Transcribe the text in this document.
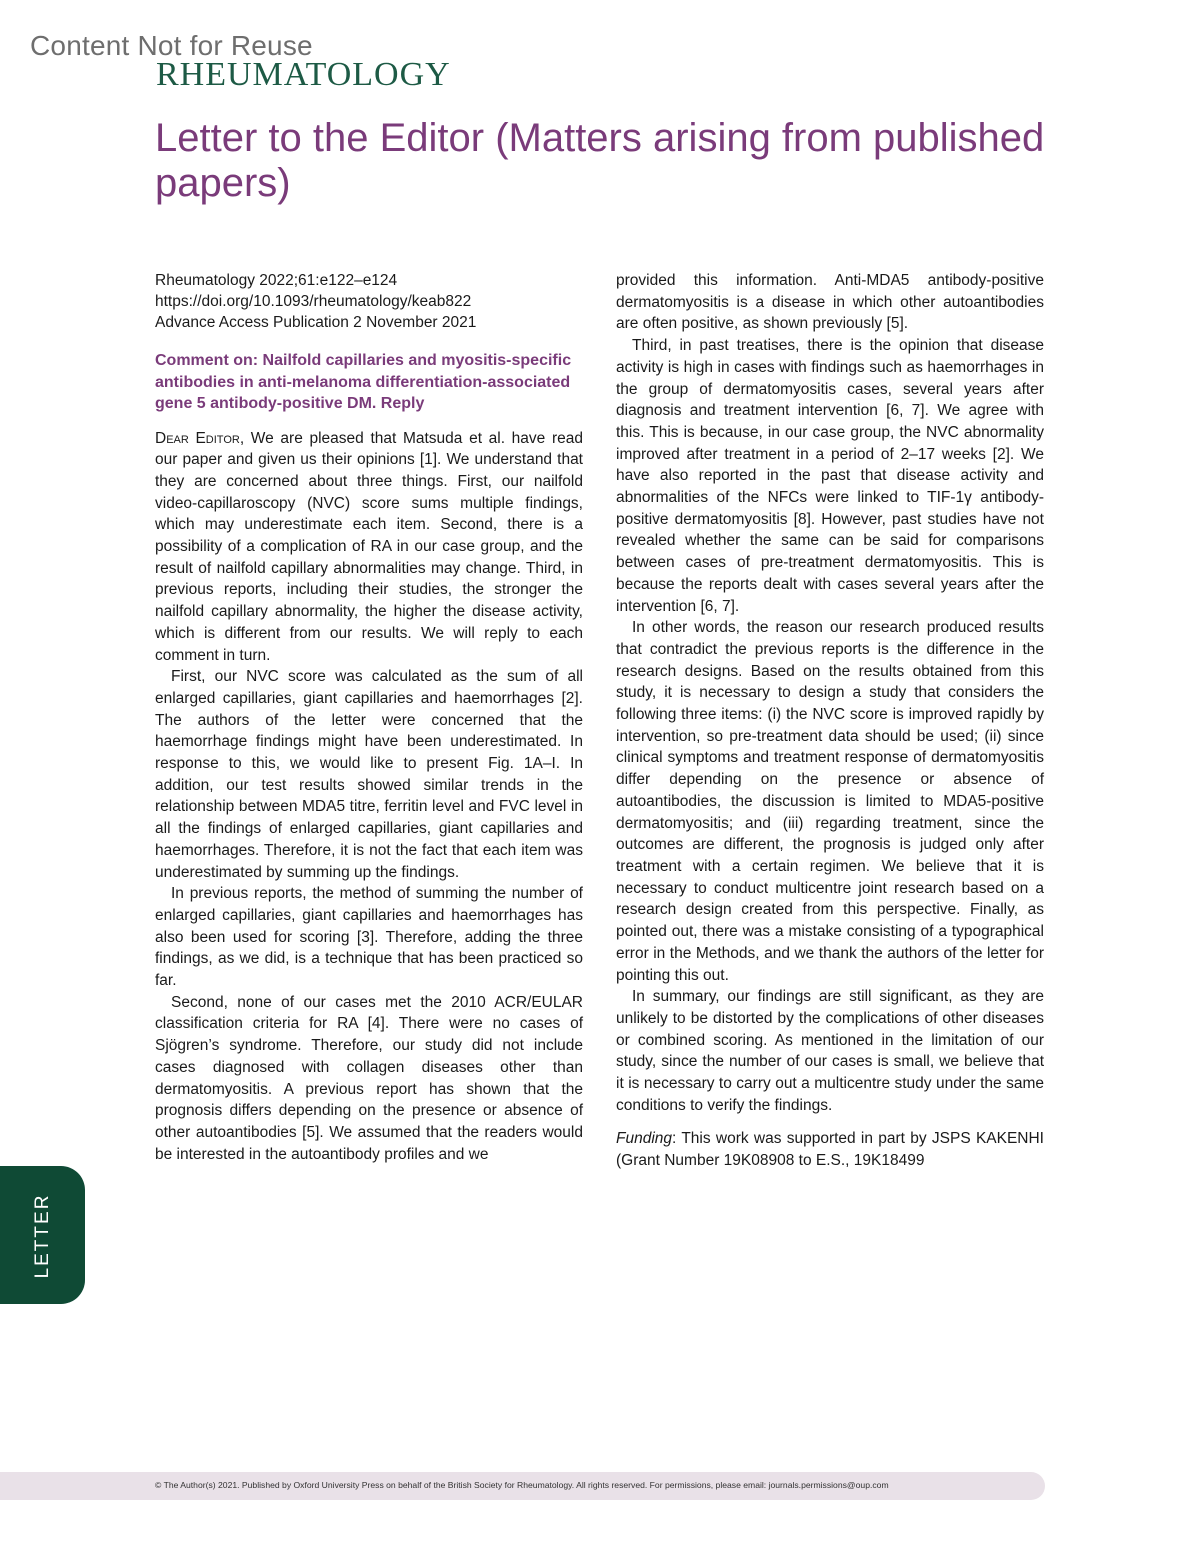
Content Not for Reuse
RHEUMATOLOGY
Letter to the Editor (Matters arising from published papers)
Rheumatology 2022;61:e122–e124
https://doi.org/10.1093/rheumatology/keab822
Advance Access Publication 2 November 2021
Comment on: Nailfold capillaries and myositis-specific antibodies in anti-melanoma differentiation-associated gene 5 antibody-positive DM. Reply

Dear Editor, We are pleased that Matsuda et al. have read our paper and given us their opinions [1]. We understand that they are concerned about three things. First, our nailfold video-capillaroscopy (NVC) score sums multiple findings, which may underestimate each item. Second, there is a possibility of a complication of RA in our case group, and the result of nailfold capillary abnormalities may change. Third, in previous reports, including their studies, the stronger the nailfold capillary abnormality, the higher the disease activity, which is different from our results. We will reply to each comment in turn.

First, our NVC score was calculated as the sum of all enlarged capillaries, giant capillaries and haemorrhages [2]. The authors of the letter were concerned that the haemorrhage findings might have been underestimated. In response to this, we would like to present Fig. 1A–I. In addition, our test results showed similar trends in the relationship between MDA5 titre, ferritin level and FVC level in all the findings of enlarged capillaries, giant capillaries and haemorrhages. Therefore, it is not the fact that each item was underestimated by summing up the findings.

In previous reports, the method of summing the number of enlarged capillaries, giant capillaries and haemorrhages has also been used for scoring [3]. Therefore, adding the three findings, as we did, is a technique that has been practiced so far.

Second, none of our cases met the 2010 ACR/EULAR classification criteria for RA [4]. There were no cases of Sjögren’s syndrome. Therefore, our study did not include cases diagnosed with collagen diseases other than dermatomyositis. A previous report has shown that the prognosis differs depending on the presence or absence of other autoantibodies [5]. We assumed that the readers would be interested in the autoantibody profiles and we

provided this information. Anti-MDA5 antibody-positive dermatomyositis is a disease in which other autoantibodies are often positive, as shown previously [5].

Third, in past treatises, there is the opinion that disease activity is high in cases with findings such as haemorrhages in the group of dermatomyositis cases, several years after diagnosis and treatment intervention [6, 7]. We agree with this. This is because, in our case group, the NVC abnormality improved after treatment in a period of 2–17 weeks [2]. We have also reported in the past that disease activity and abnormalities of the NFCs were linked to TIF-1γ antibody-positive dermatomyositis [8]. However, past studies have not revealed whether the same can be said for comparisons between cases of pre-treatment dermatomyositis. This is because the reports dealt with cases several years after the intervention [6, 7].

In other words, the reason our research produced results that contradict the previous reports is the difference in the research designs. Based on the results obtained from this study, it is necessary to design a study that considers the following three items: (i) the NVC score is improved rapidly by intervention, so pre-treatment data should be used; (ii) since clinical symptoms and treatment response of dermatomyositis differ depending on the presence or absence of autoantibodies, the discussion is limited to MDA5-positive dermatomyositis; and (iii) regarding treatment, since the outcomes are different, the prognosis is judged only after treatment with a certain regimen. We believe that it is necessary to conduct multicentre joint research based on a research design created from this perspective. Finally, as pointed out, there was a mistake consisting of a typographical error in the Methods, and we thank the authors of the letter for pointing this out.

In summary, our findings are still significant, as they are unlikely to be distorted by the complications of other diseases or combined scoring. As mentioned in the limitation of our study, since the number of our cases is small, we believe that it is necessary to carry out a multicentre study under the same conditions to verify the findings.

Funding: This work was supported in part by JSPS KAKENHI (Grant Number 19K08908 to E.S., 19K18499

LETTER
© The Author(s) 2021. Published by Oxford University Press on behalf of the British Society for Rheumatology. All rights reserved. For permissions, please email: journals.permissions@oup.com
